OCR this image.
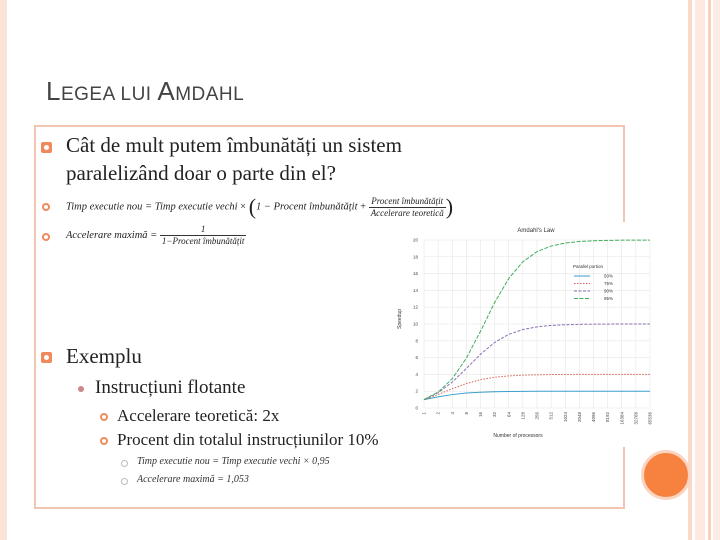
LEGEA LUI AMDAHL
Cât de mult putem îmbunătăți un sistem
paralelizând doar o parte din el?
Timp executie nou = Timp executie vechi × (1 − Procent îmbunătățit + $\frac{\text{Procent îmbunătățit}}{\text{Accelerare teoretică}}$ )
Accelerare maximă = $\frac{1}{\text{1−Procent îmbunătățit}}$
Exemplu
Instrucțiuni flotante
Accelerare teoretică: 2x
Procent din totalul instrucțiunilor 10%
Timp executie nou = Timp executie vechi × 0,95
Accelerare maximă = 1,053
Amdahl's Law
Speedup
Number of processors
0
2
4
6
8
10
12
14
16
18
20
1 2 4 8 16 32 64 128 256 512 1024 2048 4096 8192 16384 32768 65536
Parallel portion
50%
75%
90%
95%
